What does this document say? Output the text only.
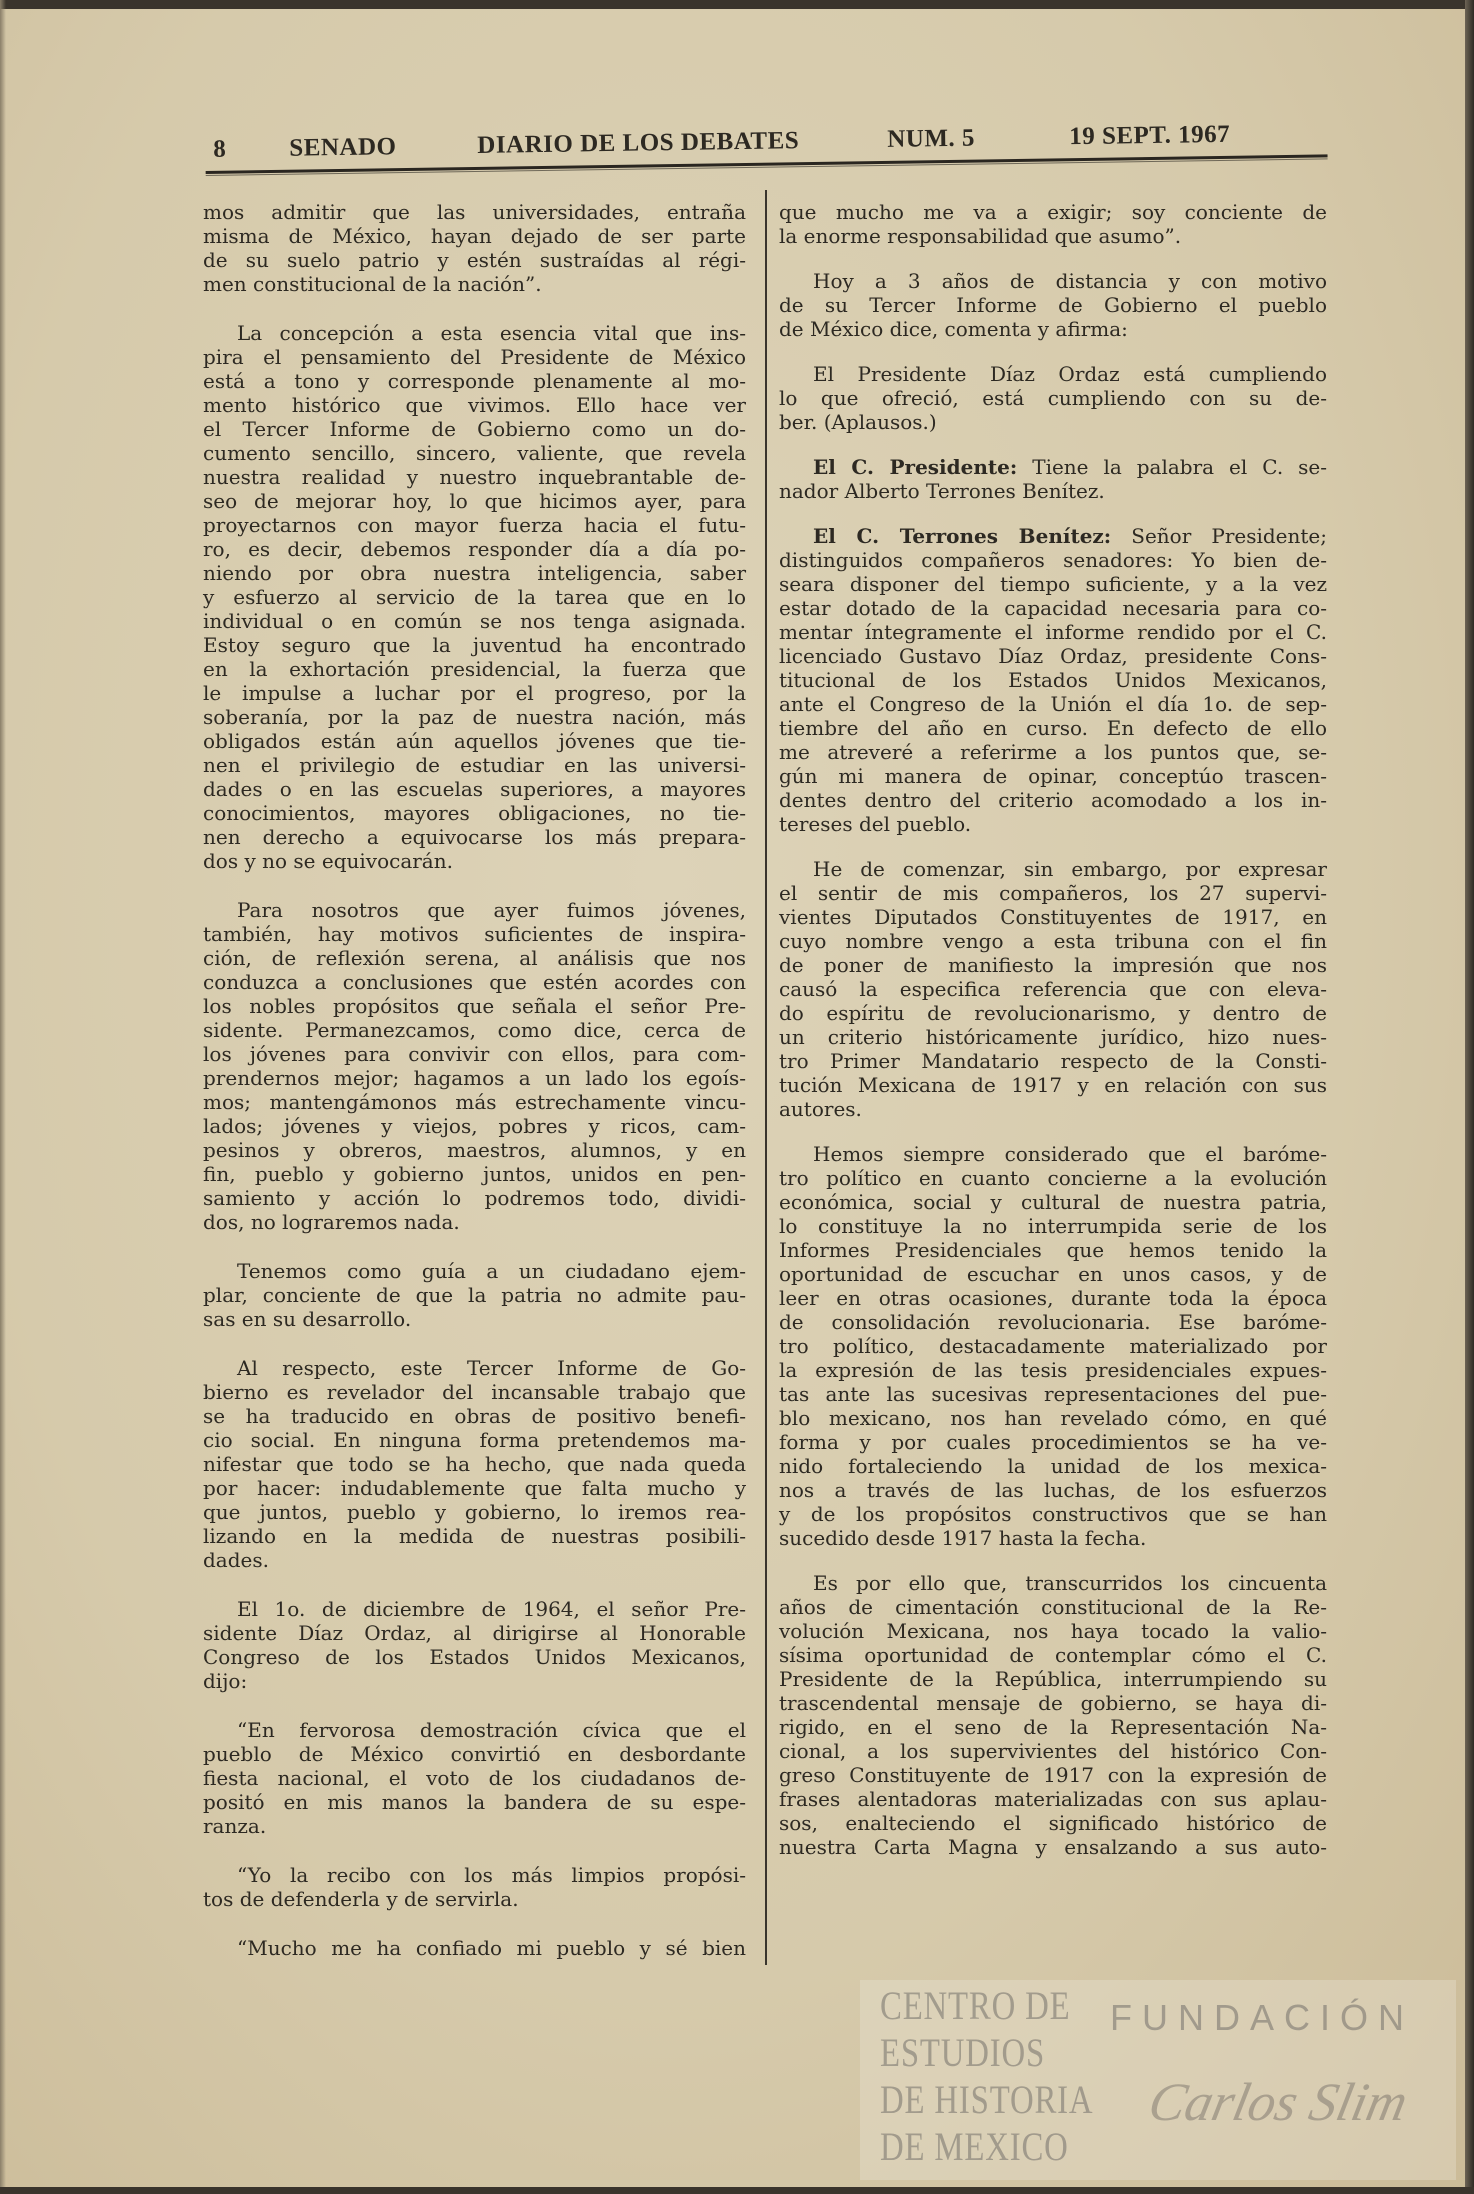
CENTRO DE
ESTUDIOS
DE HISTORIA
DE MEXICO
FUNDACIÓN
Carlos Slim
8	SENADO	DIARIO DE LOS DEBATES	NUM. 5	19 SEPT. 1967
mos admitir que las universidades, entraña
misma de México, hayan dejado de ser parte
de su suelo patrio y estén sustraídas al régi-
men constitucional de la nación”.
La concepción a esta esencia vital que ins-
pira el pensamiento del Presidente de México
está a tono y corresponde plenamente al mo-
mento histórico que vivimos. Ello hace ver
el Tercer Informe de Gobierno como un do-
cumento sencillo, sincero, valiente, que revela
nuestra realidad y nuestro inquebrantable de-
seo de mejorar hoy, lo que hicimos ayer, para
proyectarnos con mayor fuerza hacia el futu-
ro, es decir, debemos responder día a día po-
niendo por obra nuestra inteligencia, saber
y esfuerzo al servicio de la tarea que en lo
individual o en común se nos tenga asignada.
Estoy seguro que la juventud ha encontrado
en la exhortación presidencial, la fuerza que
le impulse a luchar por el progreso, por la
soberanía, por la paz de nuestra nación, más
obligados están aún aquellos jóvenes que tie-
nen el privilegio de estudiar en las universi-
dades o en las escuelas superiores, a mayores
conocimientos, mayores obligaciones, no tie-
nen derecho a equivocarse los más prepara-
dos y no se equivocarán.
Para nosotros que ayer fuimos jóvenes,
también, hay motivos suficientes de inspira-
ción, de reflexión serena, al análisis que nos
conduzca a conclusiones que estén acordes con
los nobles propósitos que señala el señor Pre-
sidente. Permanezcamos, como dice, cerca de
los jóvenes para convivir con ellos, para com-
prendernos mejor; hagamos a un lado los egoís-
mos; mantengámonos más estrechamente vincu-
lados; jóvenes y viejos, pobres y ricos, cam-
pesinos y obreros, maestros, alumnos, y en
fin, pueblo y gobierno juntos, unidos en pen-
samiento y acción lo podremos todo, dividi-
dos, no lograremos nada.
Tenemos como guía a un ciudadano ejem-
plar, conciente de que la patria no admite pau-
sas en su desarrollo.
Al respecto, este Tercer Informe de Go-
bierno es revelador del incansable trabajo que
se ha traducido en obras de positivo benefi-
cio social. En ninguna forma pretendemos ma-
nifestar que todo se ha hecho, que nada queda
por hacer: indudablemente que falta mucho y
que juntos, pueblo y gobierno, lo iremos rea-
lizando en la medida de nuestras posibili-
dades.
El 1o. de diciembre de 1964, el señor Pre-
sidente Díaz Ordaz, al dirigirse al Honorable
Congreso de los Estados Unidos Mexicanos,
dijo:
“En fervorosa demostración cívica que el
pueblo de México convirtió en desbordante
fiesta nacional, el voto de los ciudadanos de-
positó en mis manos la bandera de su espe-
ranza.
“Yo la recibo con los más limpios propósi-
tos de defenderla y de servirla.
“Mucho me ha confiado mi pueblo y sé bien
que mucho me va a exigir; soy conciente de
la enorme responsabilidad que asumo”.
Hoy a 3 años de distancia y con motivo
de su Tercer Informe de Gobierno el pueblo
de México dice, comenta y afirma:
El Presidente Díaz Ordaz está cumpliendo
lo que ofreció, está cumpliendo con su de-
ber. (Aplausos.)
El C. Presidente: Tiene la palabra el C. se-
nador Alberto Terrones Benítez.
El C. Terrones Benítez: Señor Presidente;
distinguidos compañeros senadores: Yo bien de-
seara disponer del tiempo suficiente, y a la vez
estar dotado de la capacidad necesaria para co-
mentar íntegramente el informe rendido por el C.
licenciado Gustavo Díaz Ordaz, presidente Cons-
titucional de los Estados Unidos Mexicanos,
ante el Congreso de la Unión el día 1o. de sep-
tiembre del año en curso. En defecto de ello
me atreveré a referirme a los puntos que, se-
gún mi manera de opinar, conceptúo trascen-
dentes dentro del criterio acomodado a los in-
tereses del pueblo.
He de comenzar, sin embargo, por expresar
el sentir de mis compañeros, los 27 supervi-
vientes Diputados Constituyentes de 1917, en
cuyo nombre vengo a esta tribuna con el fin
de poner de manifiesto la impresión que nos
causó la especifica referencia que con eleva-
do espíritu de revolucionarismo, y dentro de
un criterio históricamente jurídico, hizo nues-
tro Primer Mandatario respecto de la Consti-
tución Mexicana de 1917 y en relación con sus
autores.
Hemos siempre considerado que el baróme-
tro político en cuanto concierne a la evolución
económica, social y cultural de nuestra patria,
lo constituye la no interrumpida serie de los
Informes Presidenciales que hemos tenido la
oportunidad de escuchar en unos casos, y de
leer en otras ocasiones, durante toda la época
de consolidación revolucionaria. Ese baróme-
tro político, destacadamente materializado por
la expresión de las tesis presidenciales expues-
tas ante las sucesivas representaciones del pue-
blo mexicano, nos han revelado cómo, en qué
forma y por cuales procedimientos se ha ve-
nido fortaleciendo la unidad de los mexica-
nos a través de las luchas, de los esfuerzos
y de los propósitos constructivos que se han
sucedido desde 1917 hasta la fecha.
Es por ello que, transcurridos los cincuenta
años de cimentación constitucional de la Re-
volución Mexicana, nos haya tocado la valio-
sísima oportunidad de contemplar cómo el C.
Presidente de la República, interrumpiendo su
trascendental mensaje de gobierno, se haya di-
rigido, en el seno de la Representación Na-
cional, a los supervivientes del histórico Con-
greso Constituyente de 1917 con la expresión de
frases alentadoras materializadas con sus aplau-
sos, enalteciendo el significado histórico de
nuestra Carta Magna y ensalzando a sus auto-
